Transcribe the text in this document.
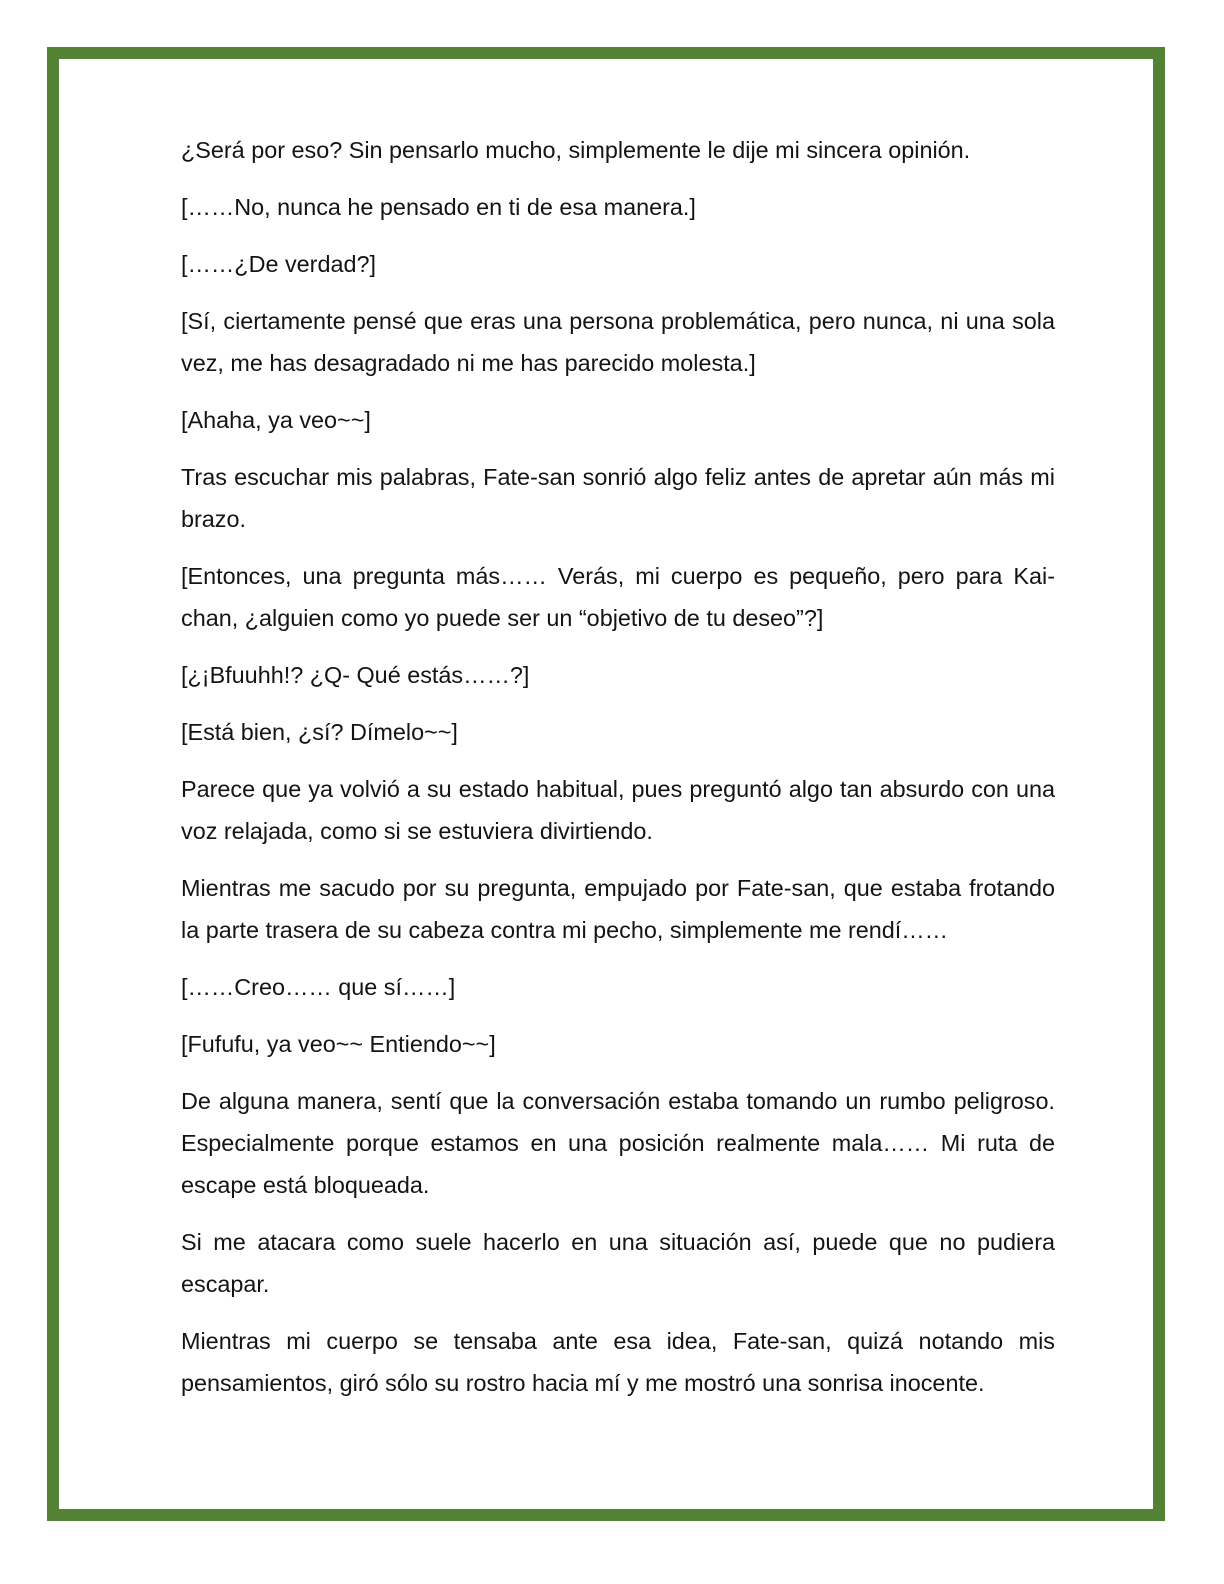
¿Será por eso? Sin pensarlo mucho, simplemente le dije mi sincera opinión.

[……No, nunca he pensado en ti de esa manera.]

[……¿De verdad?]

[Sí, ciertamente pensé que eras una persona problemática, pero nunca, ni una sola vez, me has desagradado ni me has parecido molesta.]

[Ahaha, ya veo~~]

Tras escuchar mis palabras, Fate-san sonrió algo feliz antes de apretar aún más mi brazo.

[Entonces, una pregunta más…… Verás, mi cuerpo es pequeño, pero para Kai-chan, ¿alguien como yo puede ser un “objetivo de tu deseo”?]

[¿¡Bfuuhh!? ¿Q- Qué estás……?]

[Está bien, ¿sí? Dímelo~~]

Parece que ya volvió a su estado habitual, pues preguntó algo tan absurdo con una voz relajada, como si se estuviera divirtiendo.

Mientras me sacudo por su pregunta, empujado por Fate-san, que estaba frotando la parte trasera de su cabeza contra mi pecho, simplemente me rendí……

[……Creo…… que sí……]

[Fufufu, ya veo~~ Entiendo~~]

De alguna manera, sentí que la conversación estaba tomando un rumbo peligroso. Especialmente porque estamos en una posición realmente mala…… Mi ruta de escape está bloqueada.

Si me atacara como suele hacerlo en una situación así, puede que no pudiera escapar.

Mientras mi cuerpo se tensaba ante esa idea, Fate-san, quizá notando mis pensamientos, giró sólo su rostro hacia mí y me mostró una sonrisa inocente.
